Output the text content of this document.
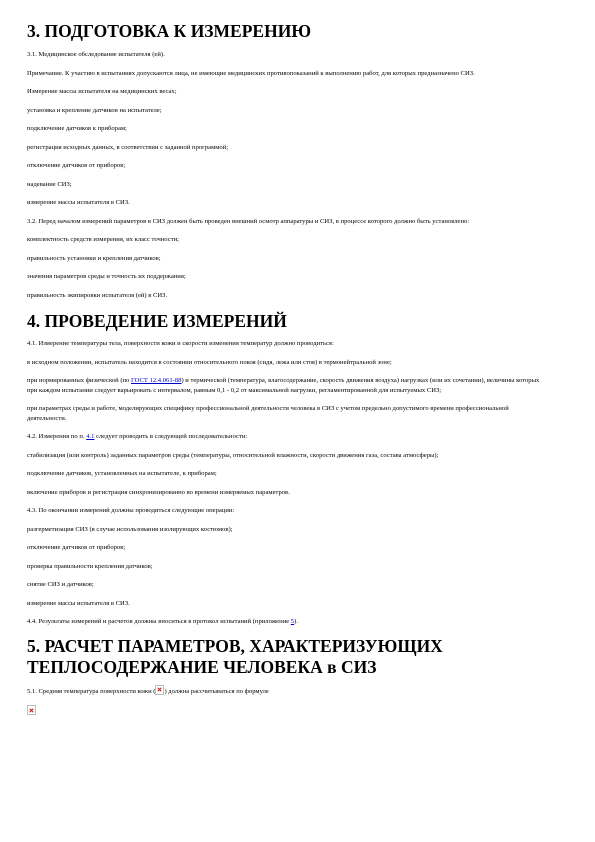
3. ПОДГОТОВКА К ИЗМЕРЕНИЮ

3.1. Медицинское обследование испытателя (ей).

Примечание. К участию в испытаниях допускаются лица, не имеющие медицинских противопоказаний к выполнению работ, для которых предназначено СИЗ.

Измерение массы испытателя на медицинских весах;

установка и крепление датчиков на испытателе;

подключение датчиков к приборам;

регистрация исходных данных, в соответствии с заданной программой;

отключение датчиков от приборов;

надевание СИЗ;

измерение массы испытателя в СИЗ.

3.2. Перед началом измерений параметров в СИЗ должен быть проведен внешний осмотр аппаратуры и СИЗ, в процессе которого должно быть установлено:

комплектность средств измерения, их класс точности;

правильность установки и крепления датчиков;

значения параметров среды и точность их поддержания;

правильность экипировки испытателя (ей) в СИЗ.

4. ПРОВЕДЕНИЕ ИЗМЕРЕНИЙ

4.1. Измерение температуры тела, поверхности кожи и скорости изменения температур должно проводиться:

в исходном положении, испытатель находится в состоянии относительного покоя (сидя, лежа или стоя) в термонейтральной зоне;

при нормированных физической (по ГОСТ 12.4.061-88) и термической (температура, влагосодержание, скорость движения воздуха) нагрузках (или их сочетании), величины которых при каждом испытании следует варьировать с интервалом, равным 0,1 - 0,2 от максимальной нагрузки, регламентированной для испытуемых СИЗ;

при параметрах среды и работе, моделирующих специфику профессиональной деятельности человека в СИЗ с учетом предельно допустимого времени профессиональной деятельности.

4.2. Измерения по п. 4.1 следует проводить в следующей последовательности:

стабилизация (или контроль) заданных параметров среды (температуры, относительной влажности, скорости движения газа, состава атмосферы);

подключение датчиков, установленных на испытателе, к приборам;

включение приборов и регистрация синхронизированно во времени измеряемых параметров.

4.3. По окончании измерений должны проводиться следующие операции:

разгерметизация СИЗ (в случае использования изолирующих костюмов);

отключение датчиков от приборов;

проверка правильности крепления датчиков;

снятие СИЗ и датчиков;

измерение массы испытателя в СИЗ.

4.4. Результаты измерений и расчетов должны вноситься в протокол испытаний (приложение 5).

5. РАСЧЕТ ПАРАМЕТРОВ, ХАРАКТЕРИЗУЮЩИХ ТЕПЛОСОДЕРЖАНИЕ ЧЕЛОВЕКА в СИЗ

5.1. Средняя температура поверхности кожи ( ) должна рассчитываться по формуле
